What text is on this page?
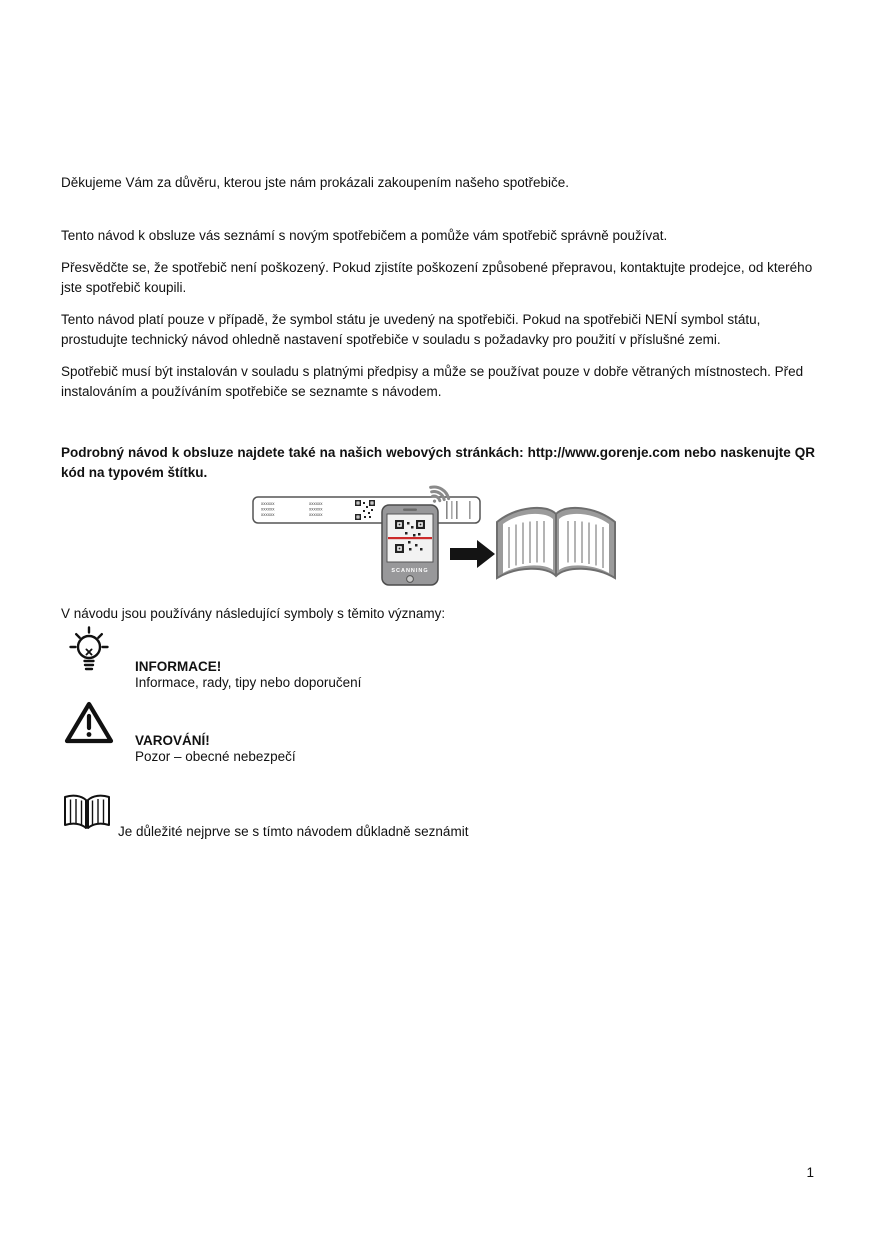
Děkujeme Vám za důvěru, kterou jste nám prokázali zakoupením našeho spotřebiče.

Tento návod k obsluze vás seznámí s novým spotřebičem a pomůže vám spotřebič správně používat.

Přesvědčte se, že spotřebič není poškozený. Pokud zjistíte poškození způsobené přepravou, kontaktujte prodejce, od kterého jste spotřebič koupili.

Tento návod platí pouze v případě, že symbol státu je uvedený na spotřebiči. Pokud na spotřebiči NENÍ symbol státu, prostudujte technický návod ohledně nastavení spotřebiče v souladu s požadavky pro použití v příslušné zemi.

Spotřebič musí být instalován v souladu s platnými předpisy a může se používat pouze v dobře větraných místnostech. Před instalováním a používáním spotřebiče se seznamte s návodem.

Podrobný návod k obsluze najdete také na našich webových stránkách: http://www.gorenje.com nebo naskenujte QR kód na typovém štítku.

xxxxxx
xxxxxx
xxxxxx
xxxxxx
xxxxxx
xxxxxx
SCANNING

V návodu jsou používány následující symboly s těmito významy:

INFORMACE!
Informace, rady, tipy nebo doporučení
VAROVÁNÍ!
Pozor – obecné nebezpečí
Je důležité nejprve se s tímto návodem důkladně seznámit
1
